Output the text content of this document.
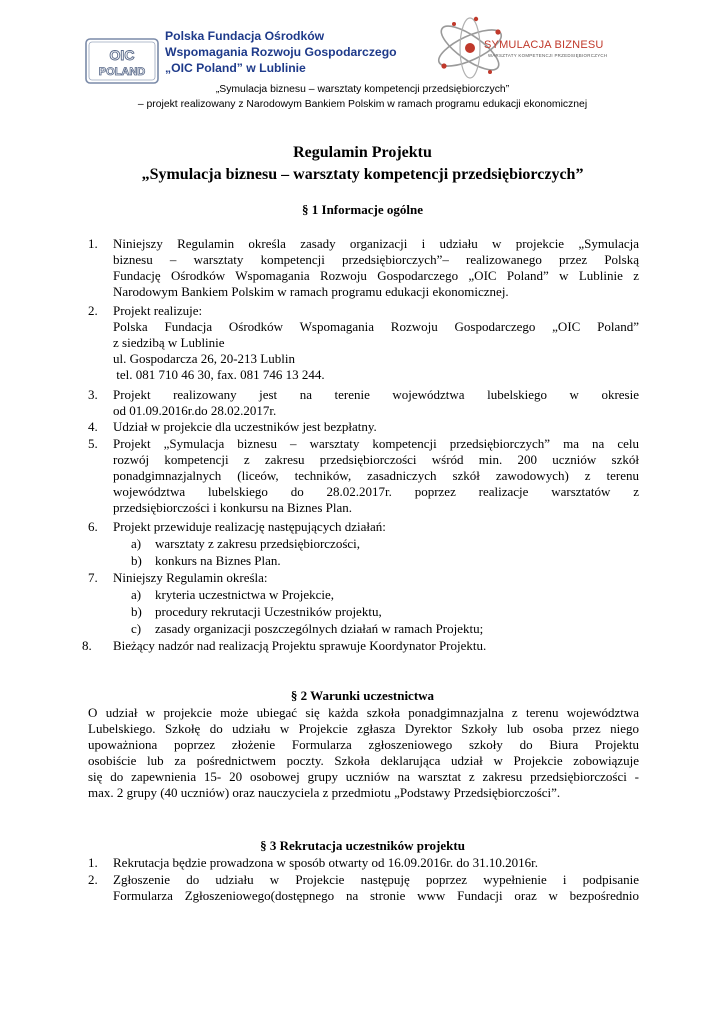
OIC
POLAND
Polska Fundacja Ośrodków
Wspomagania Rozwoju Gospodarczego
„OIC Poland” w Lublinie
SYMULACJA BIZNESU
WARSZTATY KOMPETENCJI PRZEDSIĘBIORCZYCH
„Symulacja biznesu – warsztaty kompetencji przedsiębiorczych”
– projekt realizowany z Narodowym Bankiem Polskim w ramach programu edukacji ekonomicznej
Regulamin Projektu
„Symulacja biznesu – warsztaty kompetencji przedsiębiorczych”
§ 1 Informacje ogólne
1. Niniejszy Regulamin określa zasady organizacji i udziału w projekcie „Symulacja
biznesu – warsztaty kompetencji przedsiębiorczych”– realizowanego przez Polską
Fundację Ośrodków Wspomagania Rozwoju Gospodarczego „OIC Poland” w Lublinie z
Narodowym Bankiem Polskim w ramach programu edukacji ekonomicznej.
2. Projekt realizuje:
Polska Fundacja Ośrodków Wspomagania Rozwoju Gospodarczego „OIC Poland”
z siedzibą w Lublinie
ul. Gospodarcza 26, 20-213 Lublin
tel. 081 710 46 30, fax. 081 746 13 244.
3. Projekt realizowany jest na terenie województwa lubelskiego w okresie
od 01.09.2016r.do 28.02.2017r.
4. Udział w projekcie dla uczestników jest bezpłatny.
5. Projekt „Symulacja biznesu – warsztaty kompetencji przedsiębiorczych” ma na celu
rozwój kompetencji z zakresu przedsiębiorczości wśród min. 200 uczniów szkół
ponadgimnazjalnych (liceów, techników, zasadniczych szkół zawodowych) z terenu
województwa lubelskiego do 28.02.2017r. poprzez realizacje warsztatów z
przedsiębiorczości i konkursu na Biznes Plan.
6. Projekt przewiduje realizację następujących działań:
a) warsztaty z zakresu przedsiębiorczości,
b) konkurs na Biznes Plan.
7. Niniejszy Regulamin określa:
a) kryteria uczestnictwa w Projekcie,
b) procedury rekrutacji Uczestników projektu,
c) zasady organizacji poszczególnych działań w ramach Projektu;
8. Bieżący nadzór nad realizacją Projektu sprawuje Koordynator Projektu.
§ 2 Warunki uczestnictwa
O udział w projekcie może ubiegać się każda szkoła ponadgimnazjalna z terenu województwa
Lubelskiego. Szkołę do udziału w Projekcie zgłasza Dyrektor Szkoły lub osoba przez niego
upoważniona poprzez złożenie Formularza zgłoszeniowego szkoły do Biura Projektu
osobiście lub za pośrednictwem poczty. Szkoła deklarująca udział w Projekcie zobowiązuje
się do zapewnienia 15- 20 osobowej grupy uczniów na warsztat z zakresu przedsiębiorczości -
max. 2 grupy (40 uczniów) oraz nauczyciela z przedmiotu „Podstawy Przedsiębiorczości”.
§ 3 Rekrutacja uczestników projektu
1. Rekrutacja będzie prowadzona w sposób otwarty od 16.09.2016r. do 31.10.2016r.
2. Zgłoszenie do udziału w Projekcie następuję poprzez wypełnienie i podpisanie
Formularza Zgłoszeniowego(dostępnego na stronie www Fundacji oraz w bezpośrednio
